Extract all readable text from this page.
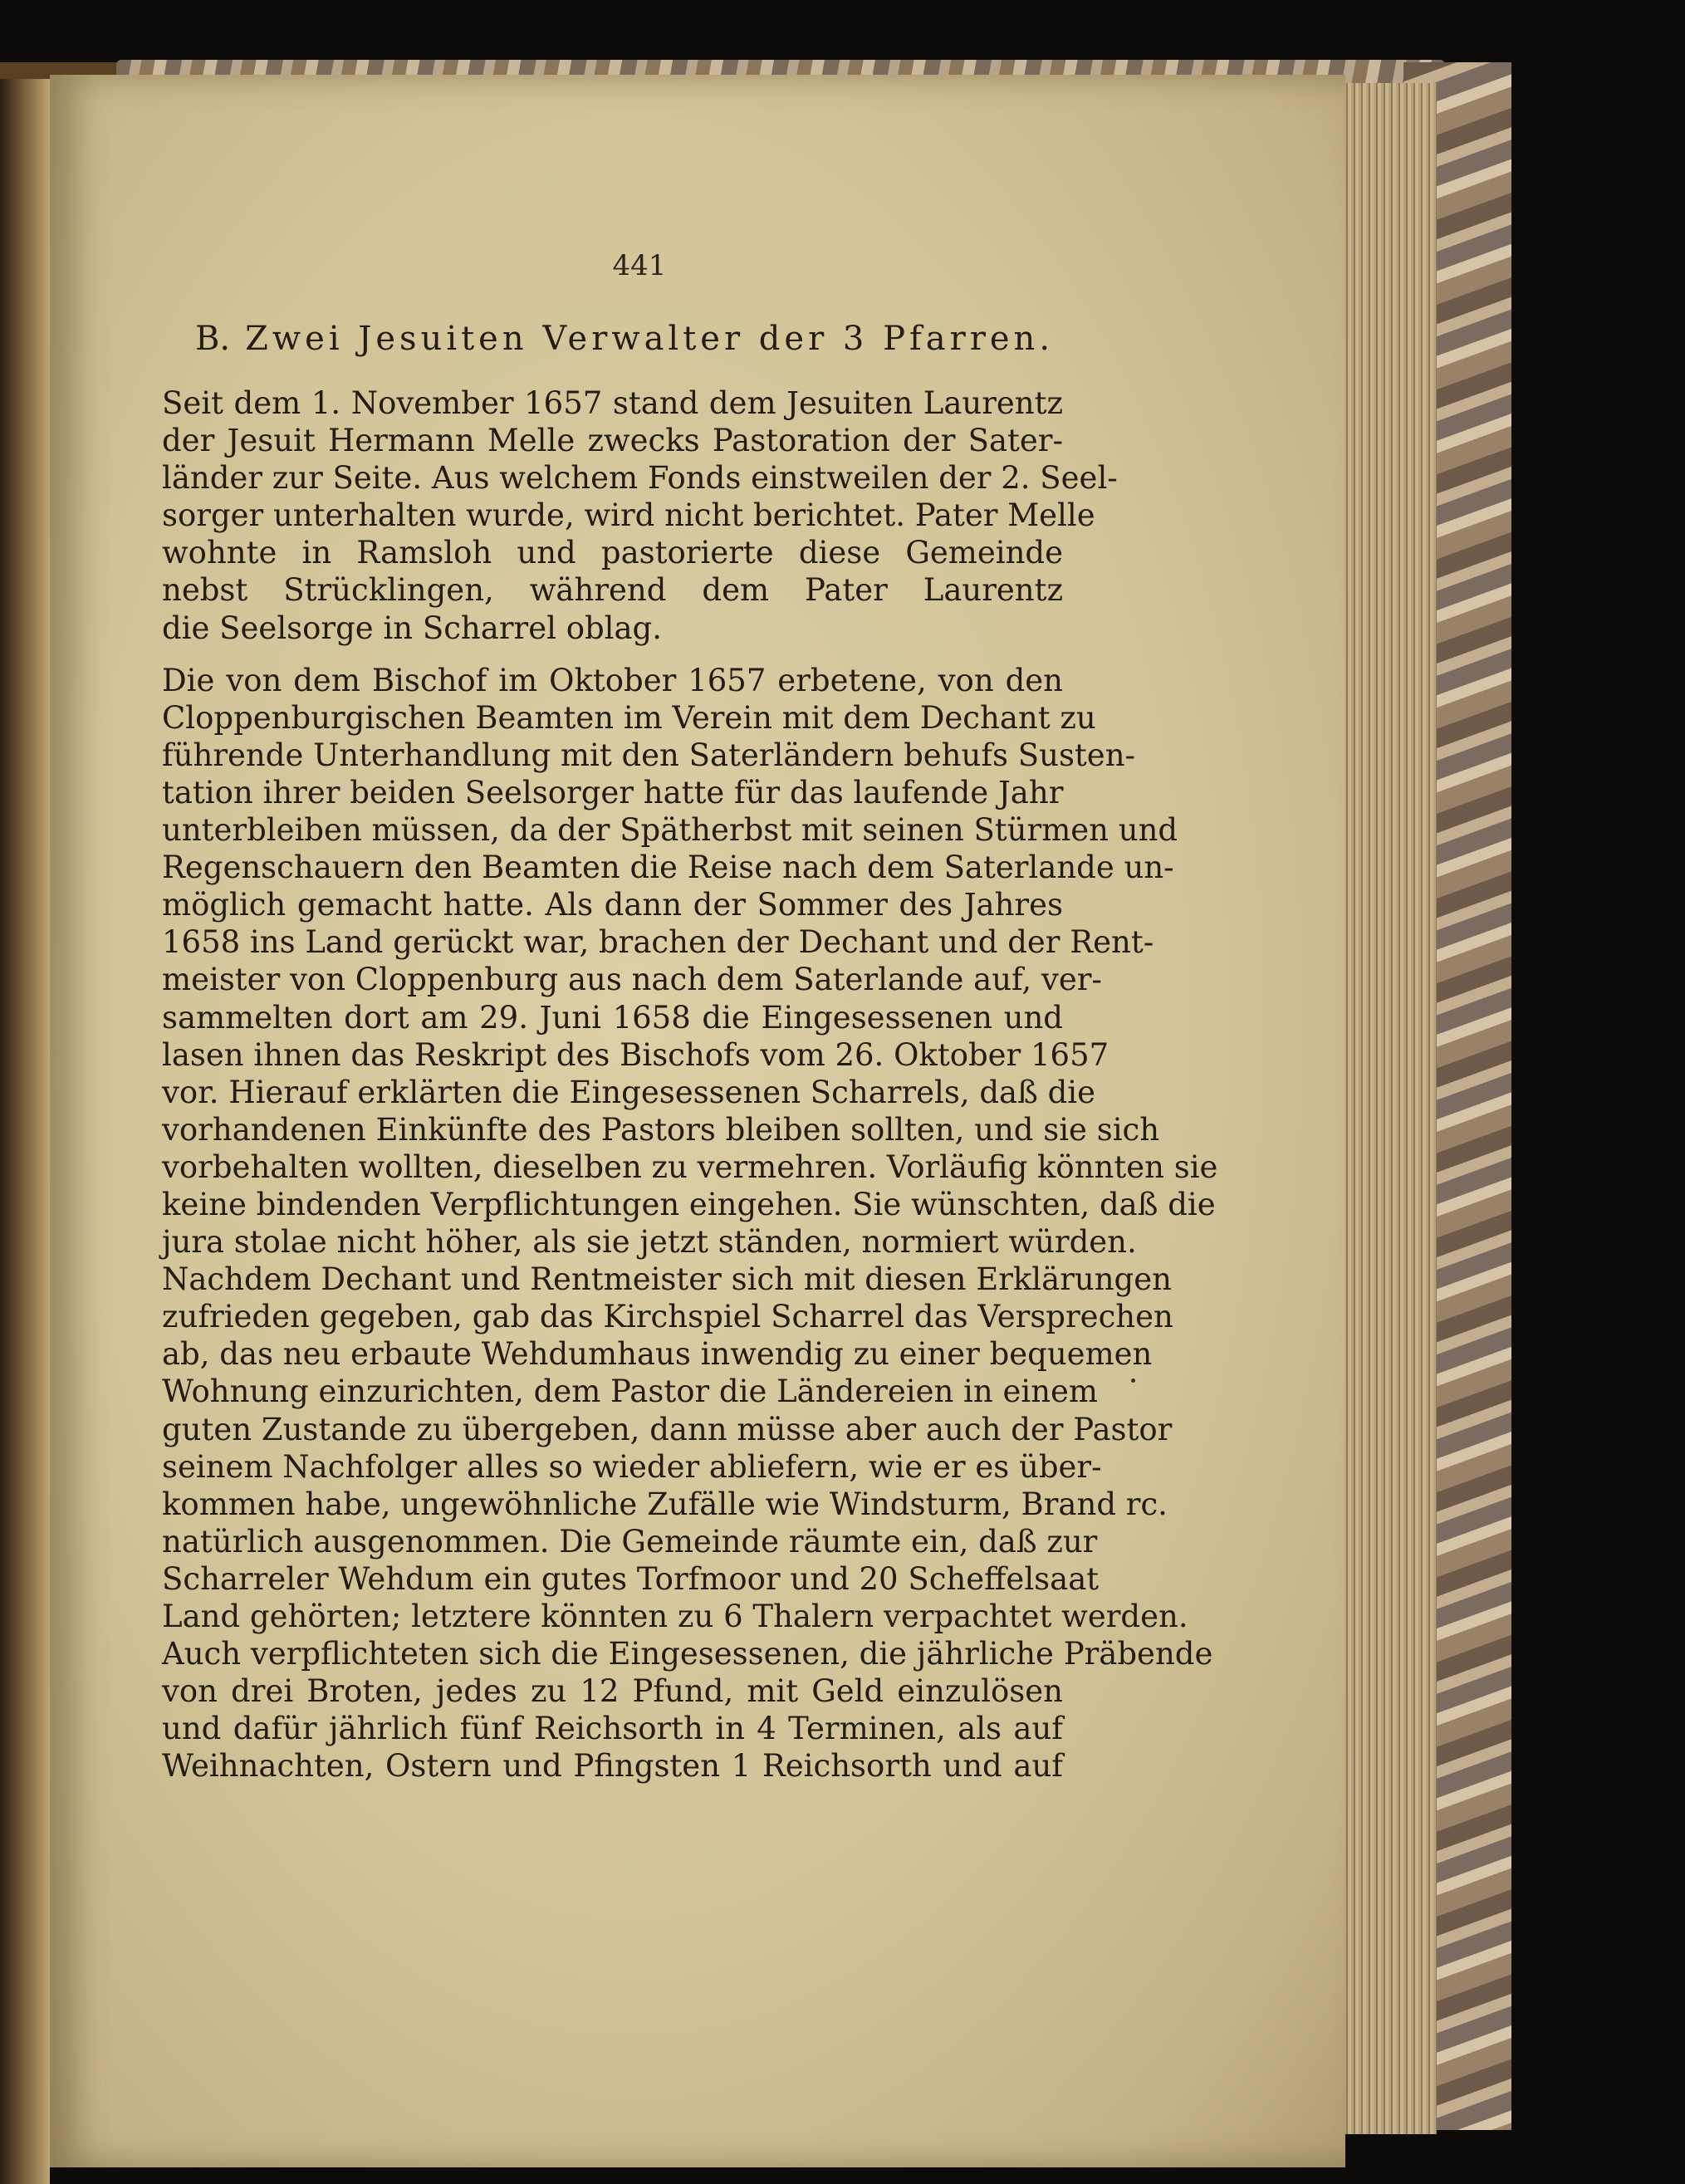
441
B. Zwei Jesuiten Verwalter der 3 Pfarren.

Seit dem 1. November 1657 stand dem Jesuiten Laurentz
der Jesuit Hermann Melle zwecks Pastoration der Sater-
länder zur Seite. Aus welchem Fonds einstweilen der 2. Seel-
sorger unterhalten wurde, wird nicht berichtet. Pater Melle
wohnte in Ramsloh und pastorierte diese Gemeinde
nebst Strücklingen, während dem Pater Laurentz
die Seelsorge in Scharrel oblag.

Die von dem Bischof im Oktober 1657 erbetene, von den
Cloppenburgischen Beamten im Verein mit dem Dechant zu
führende Unterhandlung mit den Saterländern behufs Susten-
tation ihrer beiden Seelsorger hatte für das laufende Jahr
unterbleiben müssen, da der Spätherbst mit seinen Stürmen und
Regenschauern den Beamten die Reise nach dem Saterlande un-
möglich gemacht hatte. Als dann der Sommer des Jahres
1658 ins Land gerückt war, brachen der Dechant und der Rent-
meister von Cloppenburg aus nach dem Saterlande auf, ver-
sammelten dort am 29. Juni 1658 die Eingesessenen und
lasen ihnen das Reskript des Bischofs vom 26. Oktober 1657
vor. Hierauf erklärten die Eingesessenen Scharrels, daß die
vorhandenen Einkünfte des Pastors bleiben sollten, und sie sich
vorbehalten wollten, dieselben zu vermehren. Vorläufig könnten sie
keine bindenden Verpflichtungen eingehen. Sie wünschten, daß die
jura stolae nicht höher, als sie jetzt ständen, normiert würden.
Nachdem Dechant und Rentmeister sich mit diesen Erklärungen
zufrieden gegeben, gab das Kirchspiel Scharrel das Versprechen
ab, das neu erbaute Wehdumhaus inwendig zu einer bequemen
Wohnung einzurichten, dem Pastor die Ländereien in einem
guten Zustande zu übergeben, dann müsse aber auch der Pastor
seinem Nachfolger alles so wieder abliefern, wie er es über-
kommen habe, ungewöhnliche Zufälle wie Windsturm, Brand rc.
natürlich ausgenommen. Die Gemeinde räumte ein, daß zur
Scharreler Wehdum ein gutes Torfmoor und 20 Scheffelsaat
Land gehörten; letztere könnten zu 6 Thalern verpachtet werden.
Auch verpflichteten sich die Eingesessenen, die jährliche Präbende
von drei Broten, jedes zu 12 Pfund, mit Geld einzulösen
und dafür jährlich fünf Reichsorth in 4 Terminen, als auf
Weihnachten, Ostern und Pfingsten 1 Reichsorth und auf
